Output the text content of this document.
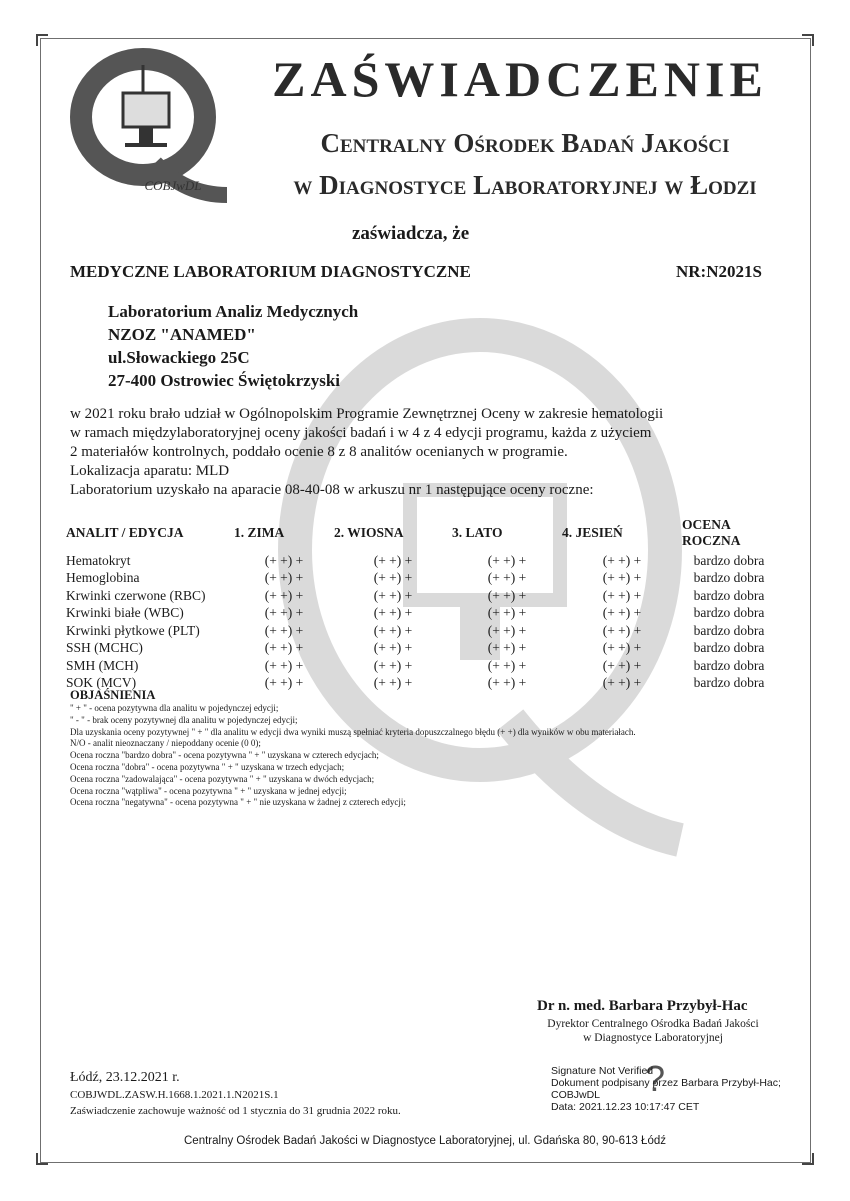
COBJwDL
ZAŚWIADCZENIE
Centralny Ośrodek Badań Jakości
w Diagnostyce Laboratoryjnej w Łodzi
zaświadcza, że
MEDYCZNE LABORATORIUM DIAGNOSTYCZNE	NR:N2021S
Laboratorium Analiz Medycznych
NZOZ "ANAMED"
ul.Słowackiego 25C
27-400 Ostrowiec Świętokrzyski
w 2021 roku brało udział w Ogólnopolskim Programie Zewnętrznej Oceny w zakresie hematologii
w ramach międzylaboratoryjnej oceny jakości badań i w 4 z 4 edycji programu, każda z użyciem
2 materiałów kontrolnych, poddało ocenie 8 z 8 analitów ocenianych w programie.
Lokalizacja aparatu: MLD
Laboratorium uzyskało na aparacie 08-40-08 w arkuszu nr 1 następujące oceny roczne:
ANALIT / EDYCJA	1. ZIMA	2. WIOSNA	3. LATO	4. JESIEŃ	OCENA ROCZNA
Hematokryt	(+ +) +	(+ +) +	(+ +) +	(+ +) +	bardzo dobra
Hemoglobina	(+ +) +	(+ +) +	(+ +) +	(+ +) +	bardzo dobra
Krwinki czerwone (RBC)	(+ +) +	(+ +) +	(+ +) +	(+ +) +	bardzo dobra
Krwinki białe (WBC)	(+ +) +	(+ +) +	(+ +) +	(+ +) +	bardzo dobra
Krwinki płytkowe (PLT)	(+ +) +	(+ +) +	(+ +) +	(+ +) +	bardzo dobra
SSH (MCHC)	(+ +) +	(+ +) +	(+ +) +	(+ +) +	bardzo dobra
SMH (MCH)	(+ +) +	(+ +) +	(+ +) +	(+ +) +	bardzo dobra
SOK (MCV)	(+ +) +	(+ +) +	(+ +) +	(+ +) +	bardzo dobra
OBJAŚNIENIA
" + " - ocena pozytywna dla analitu w pojedynczej edycji;
" - " - brak oceny pozytywnej dla analitu w pojedynczej edycji;
Dla uzyskania oceny pozytywnej " + " dla analitu w edycji dwa wyniki muszą spełniać kryteria dopuszczalnego błędu (+ +) dla wyników w obu materiałach.
N/O - analit nieoznaczany / niepoddany ocenie (0 0);
Ocena roczna "bardzo dobra" - ocena pozytywna " + " uzyskana w czterech edycjach;
Ocena roczna "dobra" - ocena pozytywna " + " uzyskana w trzech edycjach;
Ocena roczna "zadowalająca" - ocena pozytywna " + " uzyskana w dwóch edycjach;
Ocena roczna "wątpliwa" - ocena pozytywna " + " uzyskana w jednej edycji;
Ocena roczna "negatywna" - ocena pozytywna " + " nie uzyskana w żadnej z czterech edycji;
Dr n. med. Barbara Przybył-Hac
Dyrektor Centralnego Ośrodka Badań Jakości
w Diagnostyce Laboratoryjnej
Łódź, 23.12.2021 r.
COBJWDL.ZASW.H.1668.1.2021.1.N2021S.1
Zaświadczenie zachowuje ważność od 1 stycznia do 31 grudnia 2022 roku.
?
Signature Not Verified
Dokument podpisany przez Barbara Przybył-Hac;
COBJwDL
Data: 2021.12.23 10:17:47 CET
Centralny Ośrodek Badań Jakości w Diagnostyce Laboratoryjnej, ul. Gdańska 80, 90-613 Łódź
